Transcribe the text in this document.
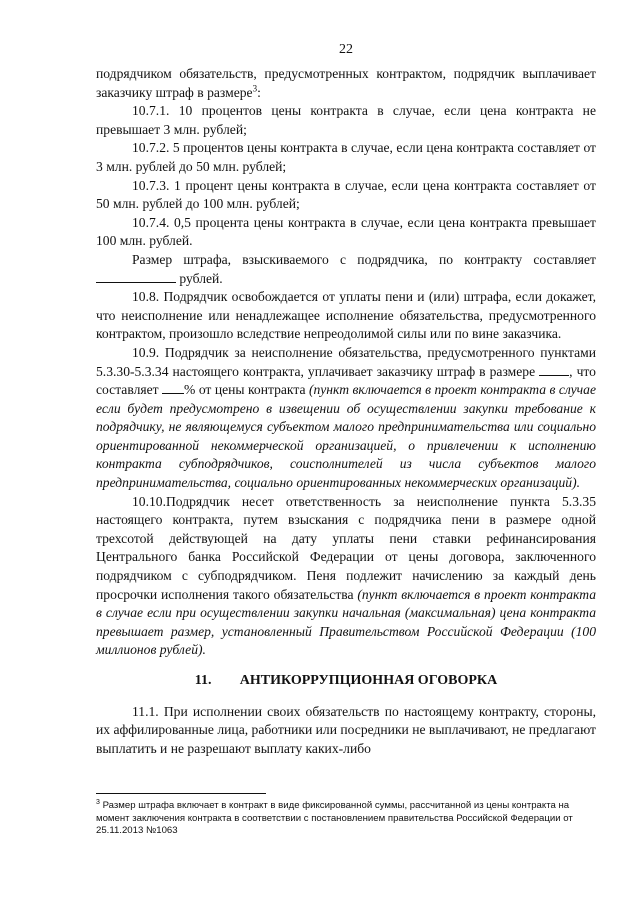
22

подрядчиком обязательств, предусмотренных контрактом, подрядчик выплачивает заказчику штраф в размере$^3$:

10.7.1. 10 процентов цены контракта в случае, если цена контракта не превышает 3 млн. рублей;

10.7.2. 5 процентов цены контракта в случае, если цена контракта составляет от 3 млн. рублей до 50 млн. рублей;

10.7.3. 1 процент цены контракта в случае, если цена контракта составляет от 50 млн. рублей до 100 млн. рублей;

10.7.4. 0,5 процента цены контракта в случае, если цена контракта превышает 100 млн. рублей.

Размер штрафа, взыскиваемого с подрядчика, по контракту составляет  рублей.

10.8. Подрядчик освобождается от уплаты пени и (или) штрафа, если докажет, что неисполнение или ненадлежащее исполнение обязательства, предусмотренного контрактом, произошло вследствие непреодолимой силы или по вине заказчика.

10.9. Подрядчик за неисполнение обязательства, предусмотренного пунктами 5.3.30-5.3.34 настоящего контракта, уплачивает заказчику штраф в размере	, что составляет % от цены контракта (пункт включается в проект контракта в случае если будет предусмотрено в извещении об осуществлении закупки требование к подрядчику, не являющемуся субъектом малого предпринимательства или социально ориентированной некоммерческой организацией, о привлечении к исполнению контракта субподрядчиков, соисполнителей из числа субъектов малого предпринимательства, социально ориентированных некоммерческих организаций).

10.10.Подрядчик несет ответственность за неисполнение пункта 5.3.35 настоящего контракта, путем взыскания с подрядчика пени в размере одной трехсотой действующей на дату уплаты пени ставки рефинансирования Центрального банка Российской Федерации от цены договора, заключенного подрядчиком с субподрядчиком. Пеня подлежит начислению за каждый день просрочки исполнения такого обязательства (пункт включается в проект контракта в случае если при осуществлении закупки начальная (максимальная) цена контракта превышает размер, установленный Правительством Российской Федерации (100 миллионов рублей).

11. АНТИКОРРУПЦИОННАЯ ОГОВОРКА

11.1. При исполнении своих обязательств по настоящему контракту, стороны, их аффилированные лица, работники или посредники не выплачивают, не предлагают выплатить и не разрешают выплату каких-либо

$^3$ Размер штрафа включает в контракт в виде фиксированной суммы, рассчитанной из цены контракта на момент заключения контракта в соответствии с постановлением правительства Российской Федерации от 25.11.2013 №1063
